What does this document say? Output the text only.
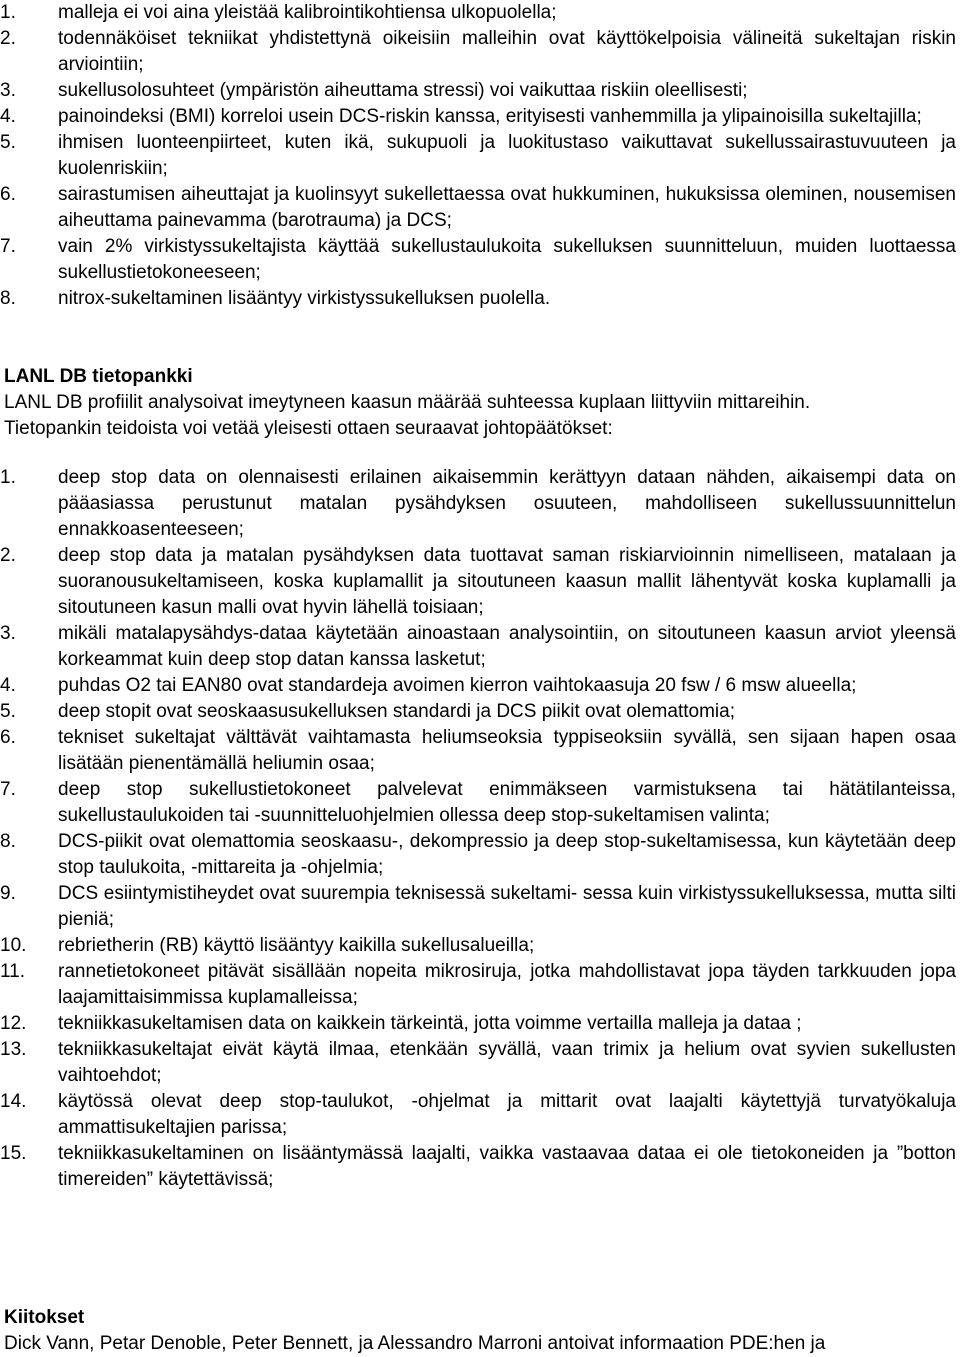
1.	malleja ei voi aina yleistää kalibrointikohtiensa ulkopuolella;
2.	todennäköiset tekniikat yhdistettynä oikeisiin malleihin ovat käyttökelpoisia välineitä sukeltajan riskin arviointiin;
3.	sukellusolosuhteet (ympäristön aiheuttama stressi) voi vaikuttaa riskiin oleellisesti;
4.	painoindeksi (BMI) korreloi usein DCS-riskin kanssa, erityisesti vanhemmilla ja ylipainoisilla sukeltajilla;
5.	ihmisen luonteenpiirteet, kuten ikä, sukupuoli ja luokitustaso vaikuttavat sukellussairastuvuuteen ja kuolenriskiin;
6.	sairastumisen aiheuttajat ja kuolinsyyt sukellettaessa ovat hukkuminen, hukuksissa oleminen, nousemisen aiheuttama painevamma (barotrauma) ja DCS;
7.	vain 2% virkistyssukeltajista käyttää sukellustaulukoita sukelluksen suunnitteluun, muiden luottaessa sukellustietokoneeseen;
8.	nitrox-sukeltaminen lisääntyy virkistyssukelluksen puolella.
LANL DB tietopankki

LANL DB profiilit analysoivat imeytyneen kaasun määrää suhteessa kuplaan liittyviin mittareihin.

Tietopankin teidoista voi vetää yleisesti ottaen seuraavat johtopäätökset:

1.	deep stop data on olennaisesti erilainen aikaisemmin kerättyyn dataan nähden, aikaisempi data on pääasiassa perustunut matalan pysähdyksen osuuteen, mahdolliseen sukellussuunnittelun ennakkoasenteeseen;
2.	deep stop data ja matalan pysähdyksen data tuottavat saman riskiarvioinnin nimelliseen, matalaan ja suoranousukeltamiseen, koska kuplamallit ja sitoutuneen kaasun mallit lähentyvät koska kuplamalli ja sitoutuneen kasun malli ovat hyvin lähellä toisiaan;
3.	mikäli matalapysähdys-dataa käytetään ainoastaan analysointiin, on sitoutuneen kaasun arviot yleensä korkeammat kuin deep stop datan kanssa lasketut;
4.	puhdas O2 tai EAN80 ovat standardeja avoimen kierron vaihtokaasuja 20 fsw / 6 msw alueella;
5.	deep stopit ovat seoskaasusukelluksen standardi ja DCS piikit ovat olemattomia;
6.	tekniset sukeltajat välttävät vaihtamasta heliumseoksia typpiseoksiin syvällä, sen sijaan hapen osaa lisätään pienentämällä heliumin osaa;
7.	deep stop sukellustietokoneet palvelevat enimmäkseen varmistuksena tai hätätilanteissa, sukellustaulukoiden tai -suunnitteluohjelmien ollessa deep stop-sukeltamisen valinta;
8.	DCS-piikit ovat olemattomia seoskaasu-, dekompressio ja deep stop-sukeltamisessa, kun käytetään deep stop taulukoita, -mittareita ja -ohjelmia;
9.	DCS esiintymistiheydet ovat suurempia teknisessä sukeltami- sessa kuin virkistyssukelluksessa, mutta silti pieniä;
10.	rebrietherin (RB) käyttö lisääntyy kaikilla sukellusalueilla;
11.	rannetietokoneet pitävät sisällään nopeita mikrosiruja, jotka mahdollistavat jopa täyden tarkkuuden jopa laajamittaisimmissa kuplamalleissa;
12.	tekniikkasukeltamisen data on kaikkein tärkeintä, jotta voimme vertailla malleja ja dataa ;
13.	tekniikkasukeltajat eivät käytä ilmaa, etenkään syvällä, vaan trimix ja helium ovat syvien sukellusten vaihtoehdot;
14.	käytössä olevat deep stop-taulukot, -ohjelmat ja mittarit ovat laajalti käytettyjä turvatyökaluja ammattisukeltajien parissa;
15.	tekniikkasukeltaminen on lisääntymässä laajalti, vaikka vastaavaa dataa ei ole tietokoneiden ja ”botton timereiden” käytettävissä;
Kiitokset
Dick Vann, Petar Denoble, Peter Bennett, ja Alessandro Marroni antoivat informaation PDE:hen ja
